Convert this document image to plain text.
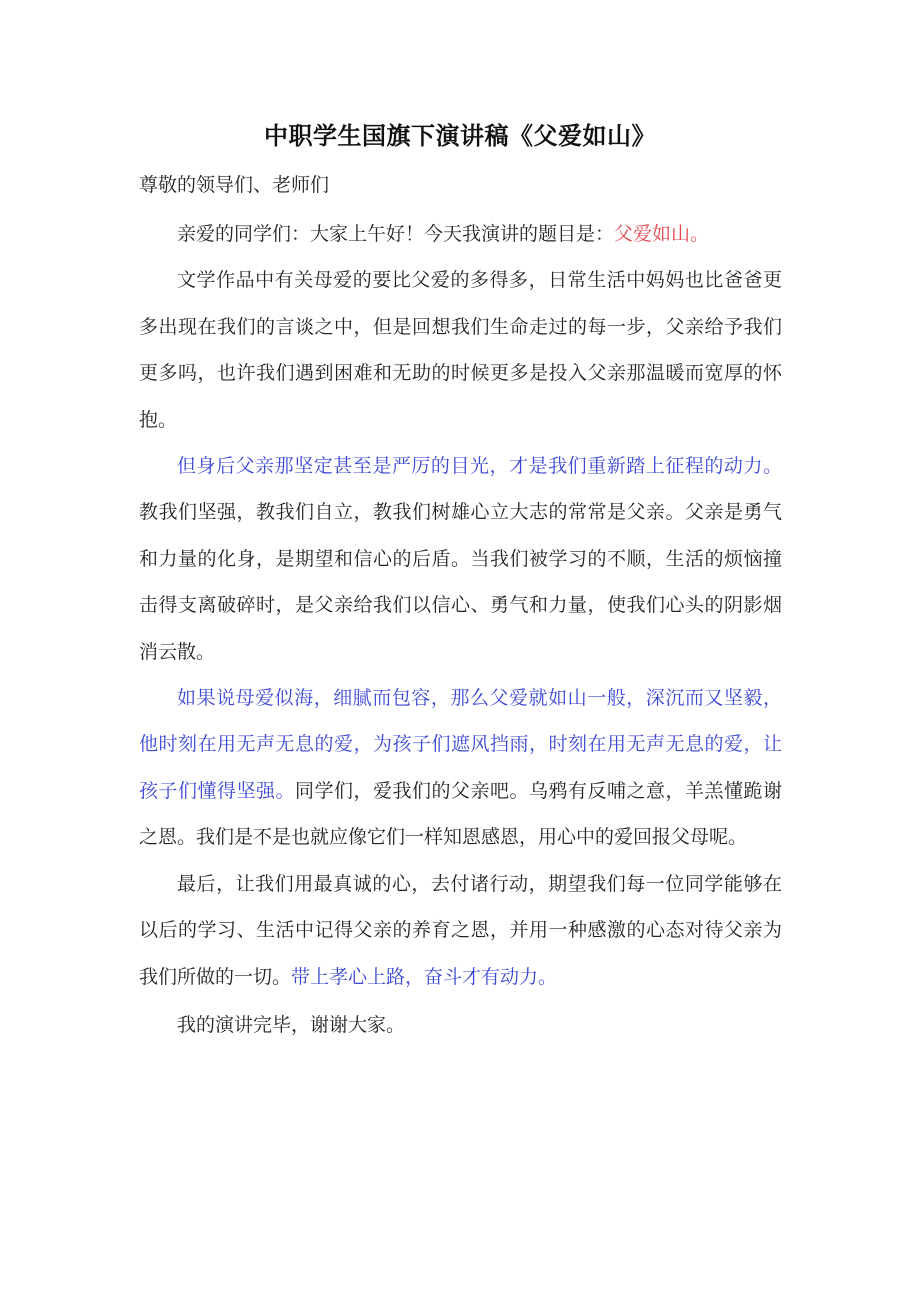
中职学生国旗下演讲稿《父爱如山》
尊敬的领导们、老师们

亲爱的同学们：大家上午好！今天我演讲的题目是：父爱如山。

文学作品中有关母爱的要比父爱的多得多，日常生活中妈妈也比爸爸更多出现在我们的言谈之中，但是回想我们生命走过的每一步，父亲给予我们更多吗，也许我们遇到困难和无助的时候更多是投入父亲那温暖而宽厚的怀抱。

但身后父亲那坚定甚至是严厉的目光，才是我们重新踏上征程的动力。教我们坚强，教我们自立，教我们树雄心立大志的常常是父亲。父亲是勇气和力量的化身，是期望和信心的后盾。当我们被学习的不顺，生活的烦恼撞击得支离破碎时，是父亲给我们以信心、勇气和力量，使我们心头的阴影烟消云散。

如果说母爱似海，细腻而包容，那么父爱就如山一般，深沉而又坚毅，他时刻在用无声无息的爱，为孩子们遮风挡雨，时刻在用无声无息的爱，让孩子们懂得坚强。同学们，爱我们的父亲吧。乌鸦有反哺之意，羊羔懂跪谢之恩。我们是不是也就应像它们一样知恩感恩，用心中的爱回报父母呢。

最后，让我们用最真诚的心，去付诸行动，期望我们每一位同学能够在以后的学习、生活中记得父亲的养育之恩，并用一种感激的心态对待父亲为我们所做的一切。带上孝心上路，奋斗才有动力。

我的演讲完毕，谢谢大家。
